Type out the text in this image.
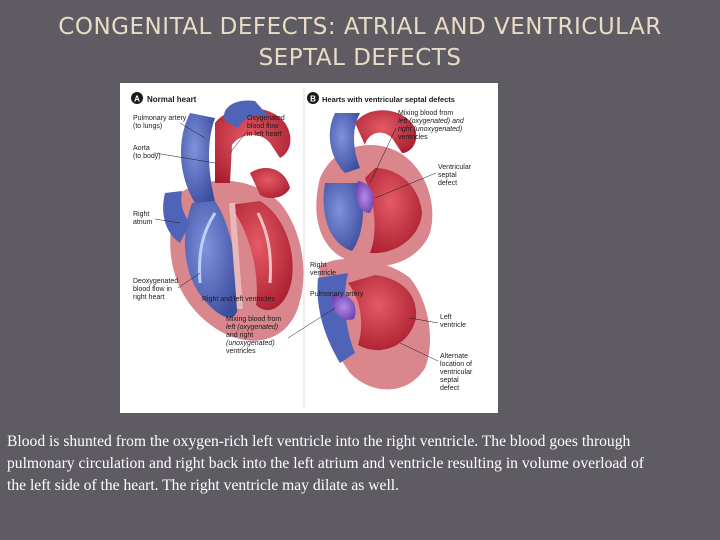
CONGENITAL DEFECTS: ATRIAL AND VENTRICULAR
SEPTAL DEFECTS
A Normal heart
Pulmonary artery
(to lungs)
Aorta
(to body)
Right
atrium
Deoxygenated
blood flow in
right heart
Oxygenated
blood flow
in left heart
Right and left ventricles
B Hearts with ventricular septal defects
Mixing blood from
left (oxygenated) and
right (unoxygenated)
ventricles
Ventricular
septal
defect
Right
ventricle
Pulmonary artery
Left
ventricle
Mixing blood from
left (oxygenated)
and right
(unoxygenated)
ventricles
Alternate
location of
ventricular
septal
defect

Blood is shunted from the oxygen-rich left ventricle into the right ventricle. The blood goes through pulmonary circulation and right back into the left atrium and ventricle resulting in volume overload of the left side of the heart. The right ventricle may dilate as well.
